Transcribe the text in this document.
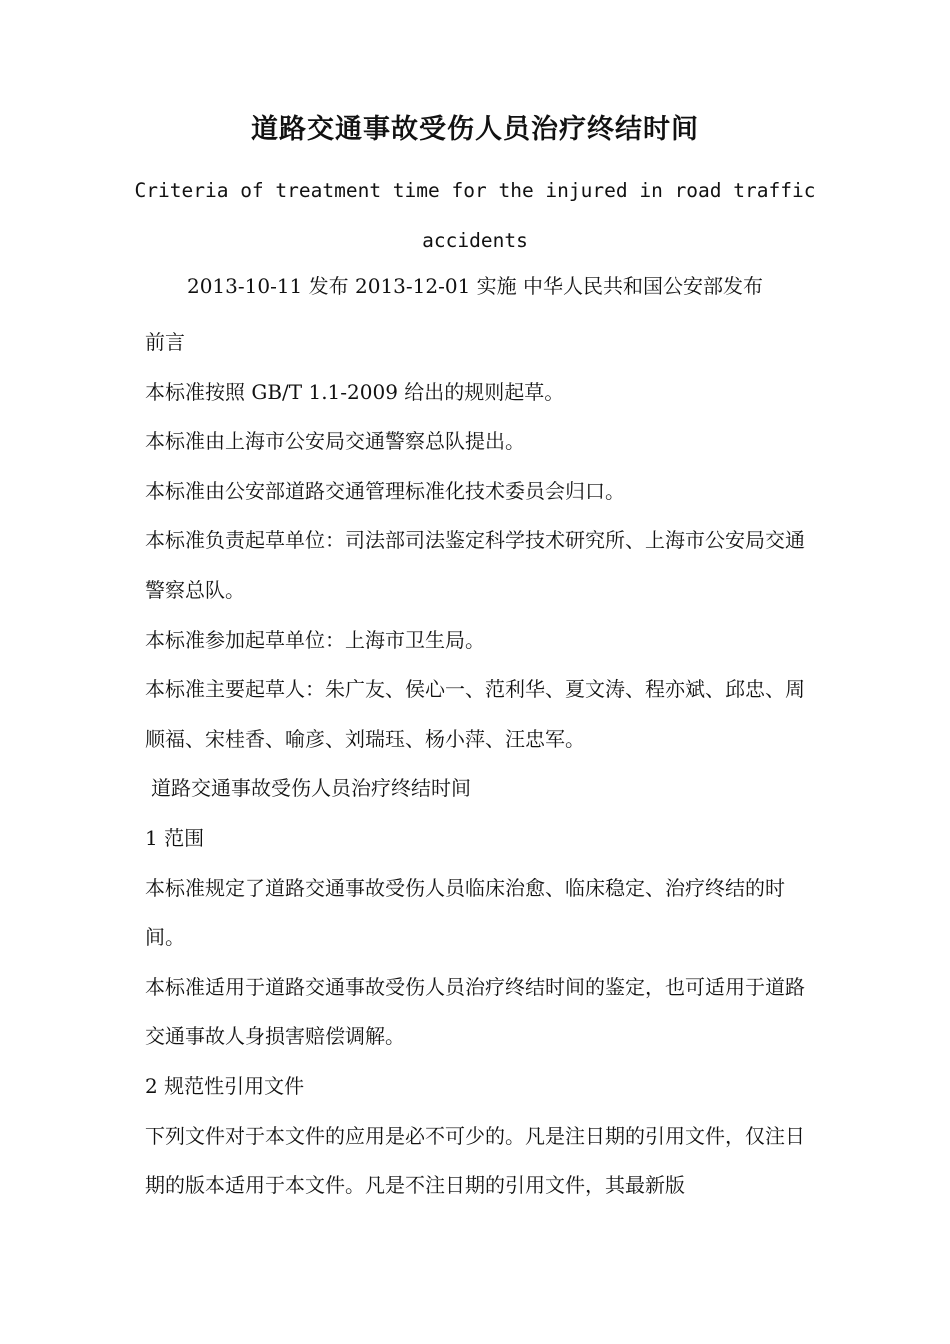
道路交通事故受伤人员治疗终结时间
Criteria of treatment time for the injured in road traffic
accidents
2013-10-11 发布 2013-12-01 实施 中华人民共和国公安部发布

前言

本标准按照 GB/T 1.1-2009 给出的规则起草。

本标准由上海市公安局交通警察总队提出。

本标准由公安部道路交通管理标准化技术委员会归口。

本标准负责起草单位：司法部司法鉴定科学技术研究所、上海市公安局交通警察总队。

本标准参加起草单位：上海市卫生局。

本标准主要起草人：朱广友、侯心一、范利华、夏文涛、程亦斌、邱忠、周顺福、宋桂香、喻彦、刘瑞珏、杨小萍、汪忠军。

道路交通事故受伤人员治疗终结时间

1 范围

本标准规定了道路交通事故受伤人员临床治愈、临床稳定、治疗终结的时间。

本标准适用于道路交通事故受伤人员治疗终结时间的鉴定，也可适用于道路交通事故人身损害赔偿调解。

2 规范性引用文件

下列文件对于本文件的应用是必不可少的。凡是注日期的引用文件，仅注日期的版本适用于本文件。凡是不注日期的引用文件，其最新版
